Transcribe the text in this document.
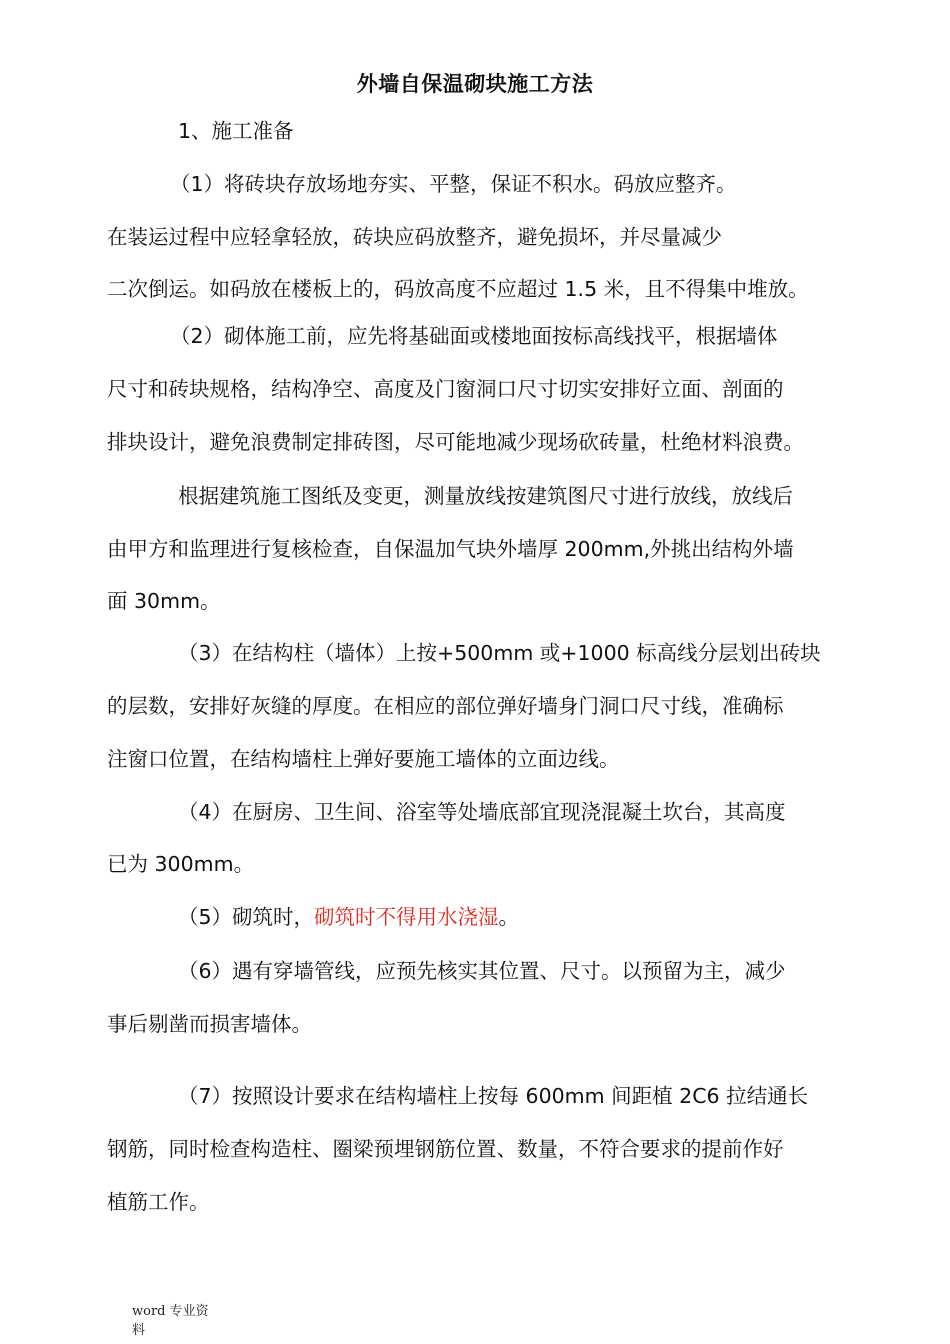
外墙自保温砌块施工方法
1、施工准备
（1）将砖块存放场地夯实、平整，保证不积水。码放应整齐。
在装运过程中应轻拿轻放，砖块应码放整齐，避免损坏，并尽量减少
二次倒运。如码放在楼板上的，码放高度不应超过 1.5 米，且不得集中堆放。
（2）砌体施工前，应先将基础面或楼地面按标高线找平，根据墙体
尺寸和砖块规格，结构净空、高度及门窗洞口尺寸切实安排好立面、剖面的
排块设计，避免浪费制定排砖图，尽可能地减少现场砍砖量，杜绝材料浪费。
根据建筑施工图纸及变更，测量放线按建筑图尺寸进行放线，放线后
由甲方和监理进行复核检查，自保温加气块外墙厚 200mm,外挑出结构外墙
面 30mm。
（3）在结构柱（墙体）上按+500mm 或+1000 标高线分层划出砖块
的层数，安排好灰缝的厚度。在相应的部位弹好墙身门洞口尺寸线，准确标
注窗口位置，在结构墙柱上弹好要施工墙体的立面边线。
（4）在厨房、卫生间、浴室等处墙底部宜现浇混凝土坎台，其高度
已为 300mm。
（5）砌筑时，砌筑时不得用水浇湿。
（6）遇有穿墙管线，应预先核实其位置、尺寸。以预留为主，减少
事后剔凿而损害墙体。
（7）按照设计要求在结构墙柱上按每 600mm 间距植 2C6 拉结通长
钢筋，同时检查构造柱、圈梁预埋钢筋位置、数量，不符合要求的提前作好
植筋工作。
word 专业资
料
